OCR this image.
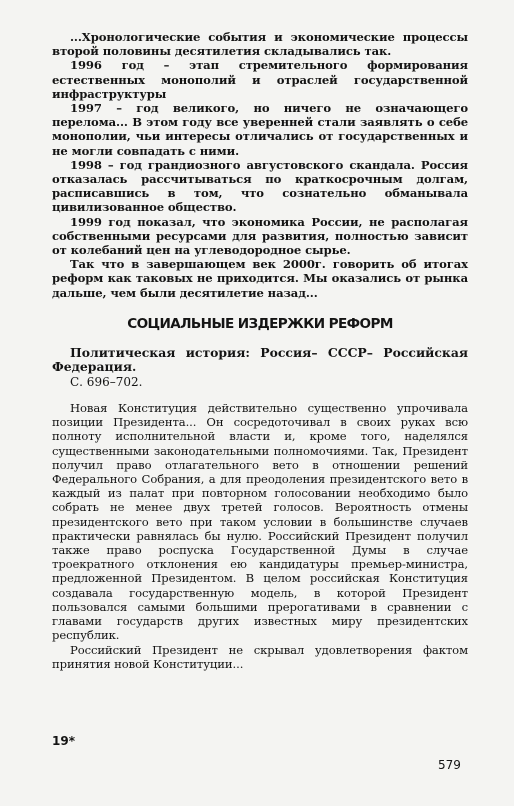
...Хронологические события и экономические процессы второй половины десятилетия складывались так.

1996 год – этап стремительного формирования естественных монополий и отраслей государственной инфраструктуры

1997 – год великого, но ничего не означающего перелома... В этом году все уверенней стали заявлять о себе монополии, чьи интересы отличались от государственных и не могли совпадать с ними.

1998 – год грандиозного августовского скандала. Россия отказалась рассчитываться по краткосрочным долгам, расписавшись в том, что сознательно обманывала цивилизованное общество.

1999 год показал, что экономика России, не располагая собственными ресурсами для развития, полностью зависит от колебаний цен на углеводородное сырье.

Так что в завершающем век 2000г. говорить об итогах реформ как таковых не приходится. Мы оказались от рынка дальше, чем были десятилетие назад...

СОЦИАЛЬНЫЕ ИЗДЕРЖКИ РЕФОРМ
Политическая история: Россия– СССР– Российская Федерация.
С. 696–702.

Новая Конституция действительно существенно упрочивала позиции Президента... Он сосредоточивал в своих руках всю полноту исполнительной власти и, кроме того, наделялся существенными законодательными полномочиями. Так, Президент получил право отлагательного вето в отношении решений Федерального Собрания, а для преодоления президентского вето в каждый из палат при повторном голосовании необходимо было собрать не менее двух третей голосов. Вероятность отмены президентского вето при таком условии в большинстве случаев практически равнялась бы нулю. Российский Президент получил также право роспуска Государственной Думы в случае троекратного отклонения ею кандидатуры премьер-министра, предложенной Президентом. В целом российская Конституция создавала государственную модель, в которой Президент пользовался самыми большими прерогативами в сравнении с главами государств других известных миру президентских республик.

Российский Президент не скрывал удовлетворения фактом принятия новой Конституции...

19*
579
